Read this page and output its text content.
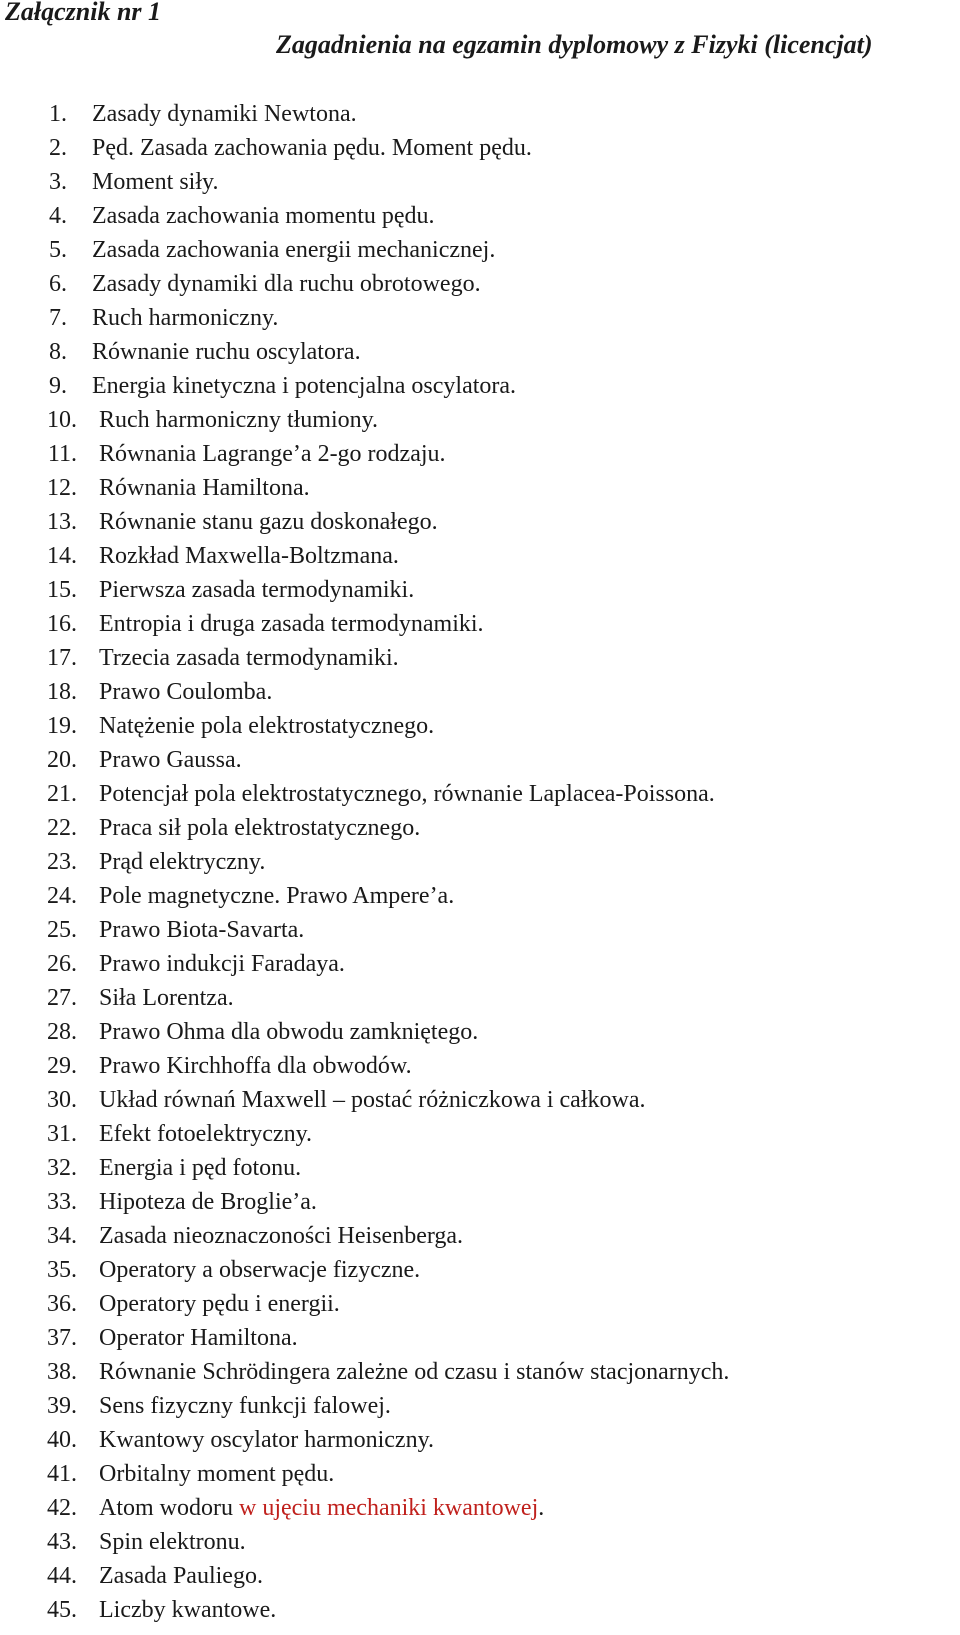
Załącznik nr 1

Zagadnienia na egzamin dyplomowy z Fizyki (licencjat)

1. Zasady dynamiki Newtona.
2. Pęd. Zasada zachowania pędu. Moment pędu.
3. Moment siły.
4. Zasada zachowania momentu pędu.
5. Zasada zachowania energii mechanicznej.
6. Zasady dynamiki dla ruchu obrotowego.
7. Ruch harmoniczny.
8. Równanie ruchu oscylatora.
9. Energia kinetyczna i potencjalna oscylatora.
10. Ruch harmoniczny tłumiony.
11. Równania Lagrange’a 2-go rodzaju.
12. Równania Hamiltona.
13. Równanie stanu gazu doskonałego.
14. Rozkład Maxwella-Boltzmana.
15. Pierwsza zasada termodynamiki.
16. Entropia i druga zasada termodynamiki.
17. Trzecia zasada termodynamiki.
18. Prawo Coulomba.
19. Natężenie pola elektrostatycznego.
20. Prawo Gaussa.
21. Potencjał pola elektrostatycznego, równanie Laplacea-Poissona.
22. Praca sił pola elektrostatycznego.
23. Prąd elektryczny.
24. Pole magnetyczne. Prawo Ampere’a.
25. Prawo Biota-Savarta.
26. Prawo indukcji Faradaya.
27. Siła Lorentza.
28. Prawo Ohma dla obwodu zamkniętego.
29. Prawo Kirchhoffa dla obwodów.
30. Układ równań Maxwell – postać różniczkowa i całkowa.
31. Efekt fotoelektryczny.
32. Energia i pęd fotonu.
33. Hipoteza de Broglie’a.
34. Zasada nieoznaczoności Heisenberga.
35. Operatory a obserwacje fizyczne.
36. Operatory pędu i energii.
37. Operator Hamiltona.
38. Równanie Schrödingera zależne od czasu i stanów stacjonarnych.
39. Sens fizyczny funkcji falowej.
40. Kwantowy oscylator harmoniczny.
41. Orbitalny moment pędu.
42. Atom wodoru w ujęciu mechaniki kwantowej.
43. Spin elektronu.
44. Zasada Pauliego.
45. Liczby kwantowe.
